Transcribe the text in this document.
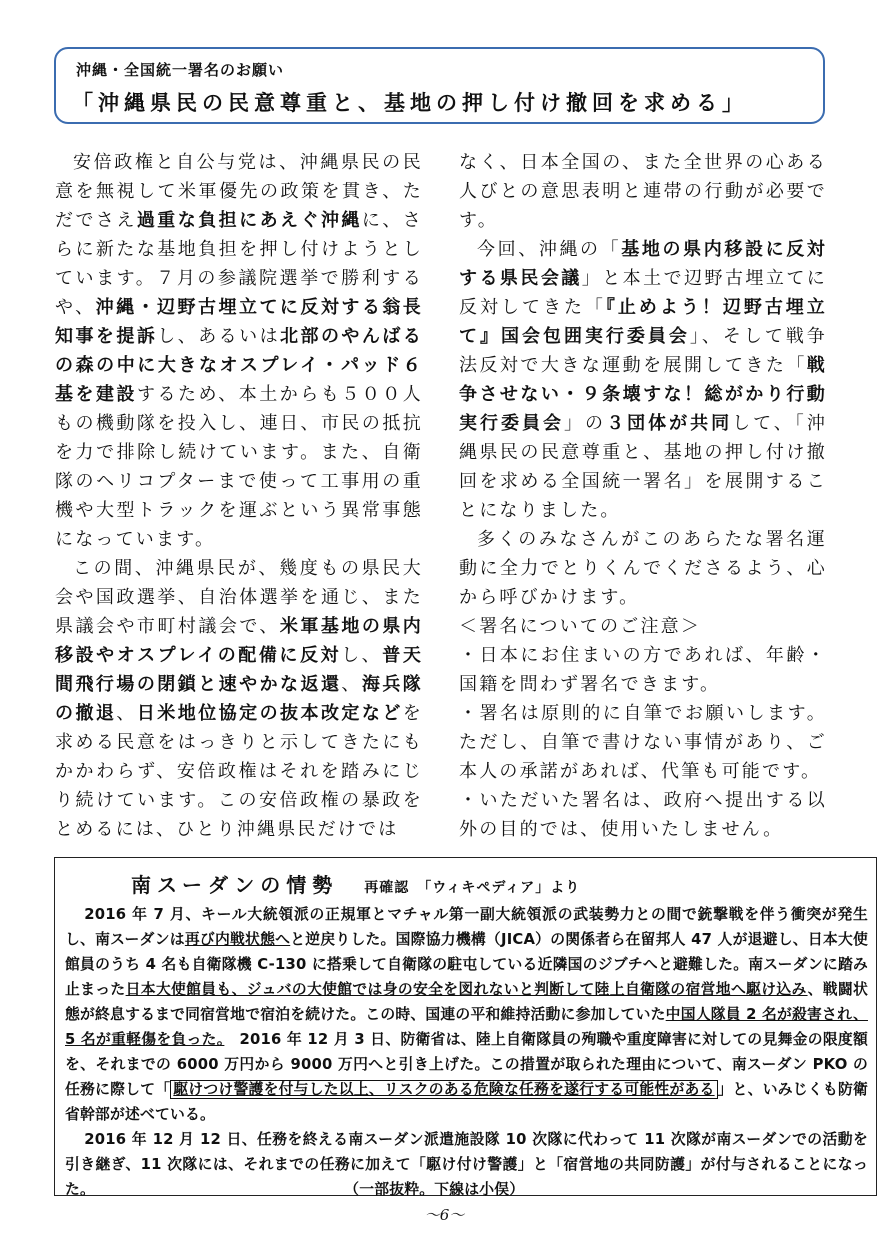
沖縄・全国統一署名のお願い
「沖縄県民の民意尊重と、基地の押し付け撤回を求める」

安倍政権と自公与党は、沖縄県民の民意を無視して米軍優先の政策を貫き、ただでさえ過重な負担にあえぐ沖縄に、さらに新たな基地負担を押し付けようとしています。７月の参議院選挙で勝利するや、沖縄・辺野古埋立てに反対する翁長知事を提訴し、あるいは北部のやんばるの森の中に大きなオスプレイ・パッド６基を建設するため、本土からも５００人もの機動隊を投入し、連日、市民の抵抗を力で排除し続けています。また、自衛隊のヘリコプターまで使って工事用の重機や大型トラックを運ぶという異常事態になっています。

この間、沖縄県民が、幾度もの県民大会や国政選挙、自治体選挙を通じ、また県議会や市町村議会で、米軍基地の県内移設やオスプレイの配備に反対し、普天間飛行場の閉鎖と速やかな返還、海兵隊の撤退、日米地位協定の抜本改定などを求める民意をはっきりと示してきたにもかかわらず、安倍政権はそれを踏みにじり続けています。この安倍政権の暴政をとめるには、ひとり沖縄県民だけでは

なく、日本全国の、また全世界の心ある人びとの意思表明と連帯の行動が必要です。

今回、沖縄の「基地の県内移設に反対する県民会議」と本土で辺野古埋立てに反対してきた「『止めよう！辺野古埋立て』国会包囲実行委員会」、そして戦争法反対で大きな運動を展開してきた「戦争させない・９条壊すな！総がかり行動実行委員会」の３団体が共同して、「沖縄県民の民意尊重と、基地の押し付け撤回を求める全国統一署名」を展開することになりました。

多くのみなさんがこのあらたな署名運動に全力でとりくんでくださるよう、心から呼びかけます。

＜署名についてのご注意＞

・日本にお住まいの方であれば、年齢・国籍を問わず署名できます。

・署名は原則的に自筆でお願いします。ただし、自筆で書けない事情があり、ご本人の承諾があれば、代筆も可能です。

・いただいた署名は、政府へ提出する以外の目的では、使用いたしません。

南スーダンの情勢 再確認　「ウィキペディア」より

2016 年 7 月、キール大統領派の正規軍とマチャル第一副大統領派の武装勢力との間で銃撃戦を伴う衝突が発生し、南スーダンは再び内戦状態へと逆戻りした。国際協力機構（JICA）の関係者ら在留邦人 47 人が退避し、日本大使館員のうち 4 名も自衛隊機 C-130 に搭乗して自衛隊の駐屯している近隣国のジブチへと避難した。南スーダンに踏み止まった日本大使館員も、ジュバの大使館では身の安全を図れないと判断して陸上自衛隊の宿営地へ駆け込み、戦闘状態が終息するまで同宿営地で宿泊を続けた。この時、国連の平和維持活動に参加していた中国人隊員 2 名が殺害され、5 名が重軽傷を負った。　2016 年 12 月 3 日、防衛省は、陸上自衛隊員の殉職や重度障害に対しての見舞金の限度額を、それまでの 6000 万円から 9000 万円へと引き上げた。この措置が取られた理由について、南スーダン PKO の任務に際して「 駆けつけ警護を付与した以上、リスクのある危険な任務を遂行する可能性がある 」と、いみじくも防衛省幹部が述べている。

2016 年 12 月 12 日、任務を終える南スーダン派遣施設隊 10 次隊に代わって 11 次隊が南スーダンでの活動を引き継ぎ、11 次隊には、それまでの任務に加えて「駆け付け警護」と「宿営地の共同防護」が付与されることになった。	（一部抜粋。下線は小俣）

～6～
